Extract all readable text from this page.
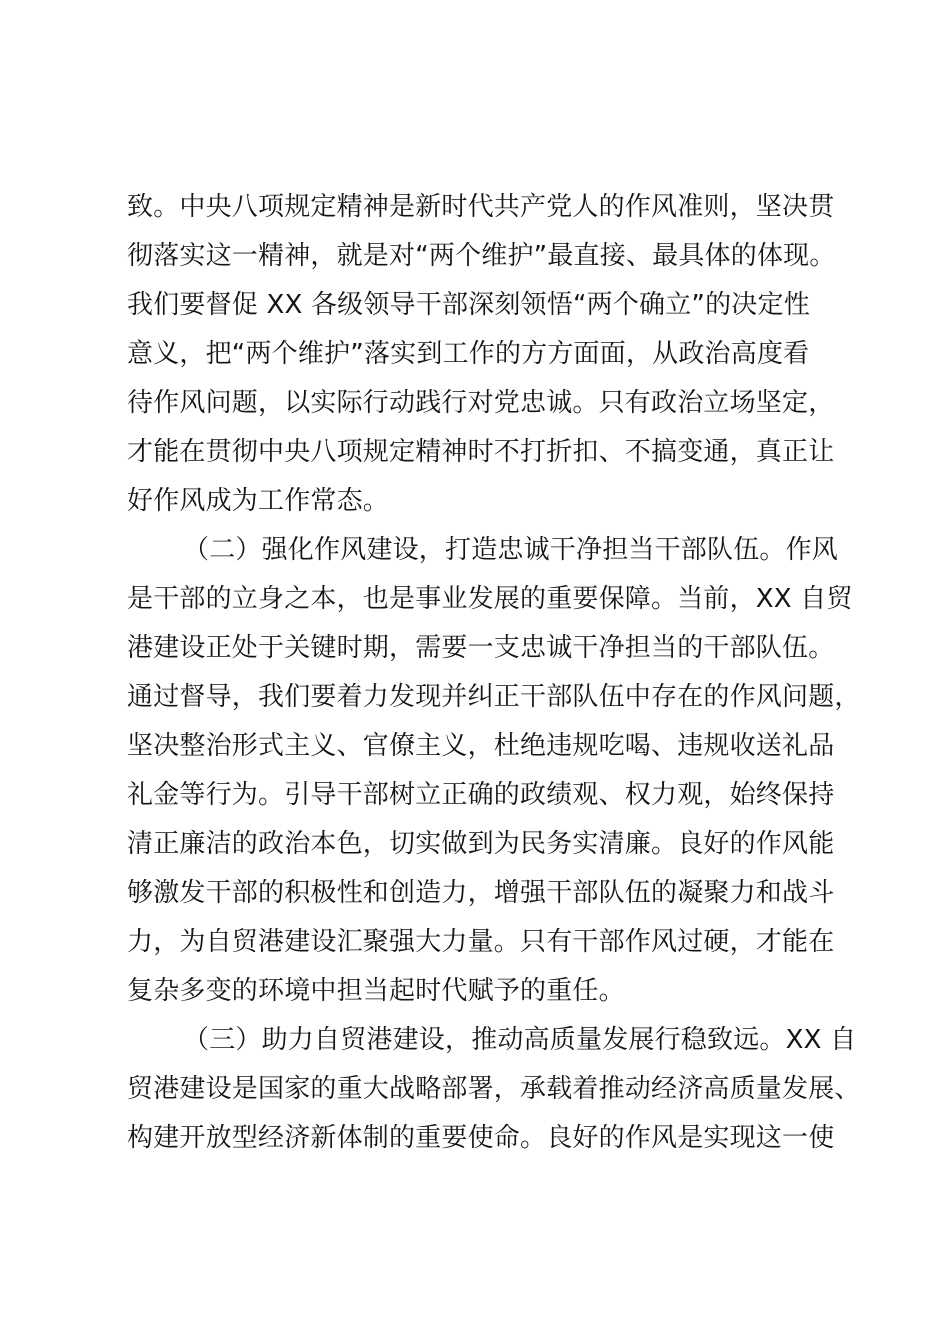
致。中央八项规定精神是新时代共产党人的作风准则，坚决贯
彻落实这一精神，就是对“两个维护”最直接、最具体的体现。
我们要督促 XX 各级领导干部深刻领悟“两个确立”的决定性
意义，把“两个维护”落实到工作的方方面面，从政治高度看
待作风问题，以实际行动践行对党忠诚。只有政治立场坚定，
才能在贯彻中央八项规定精神时不打折扣、不搞变通，真正让
好作风成为工作常态。
（二）强化作风建设，打造忠诚干净担当干部队伍。作风
是干部的立身之本，也是事业发展的重要保障。当前，XX 自贸
港建设正处于关键时期，需要一支忠诚干净担当的干部队伍。
通过督导，我们要着力发现并纠正干部队伍中存在的作风问题，
坚决整治形式主义、官僚主义，杜绝违规吃喝、违规收送礼品
礼金等行为。引导干部树立正确的政绩观、权力观，始终保持
清正廉洁的政治本色，切实做到为民务实清廉。良好的作风能
够激发干部的积极性和创造力，增强干部队伍的凝聚力和战斗
力，为自贸港建设汇聚强大力量。只有干部作风过硬，才能在
复杂多变的环境中担当起时代赋予的重任。
（三）助力自贸港建设，推动高质量发展行稳致远。XX 自
贸港建设是国家的重大战略部署，承载着推动经济高质量发展、
构建开放型经济新体制的重要使命。良好的作风是实现这一使
